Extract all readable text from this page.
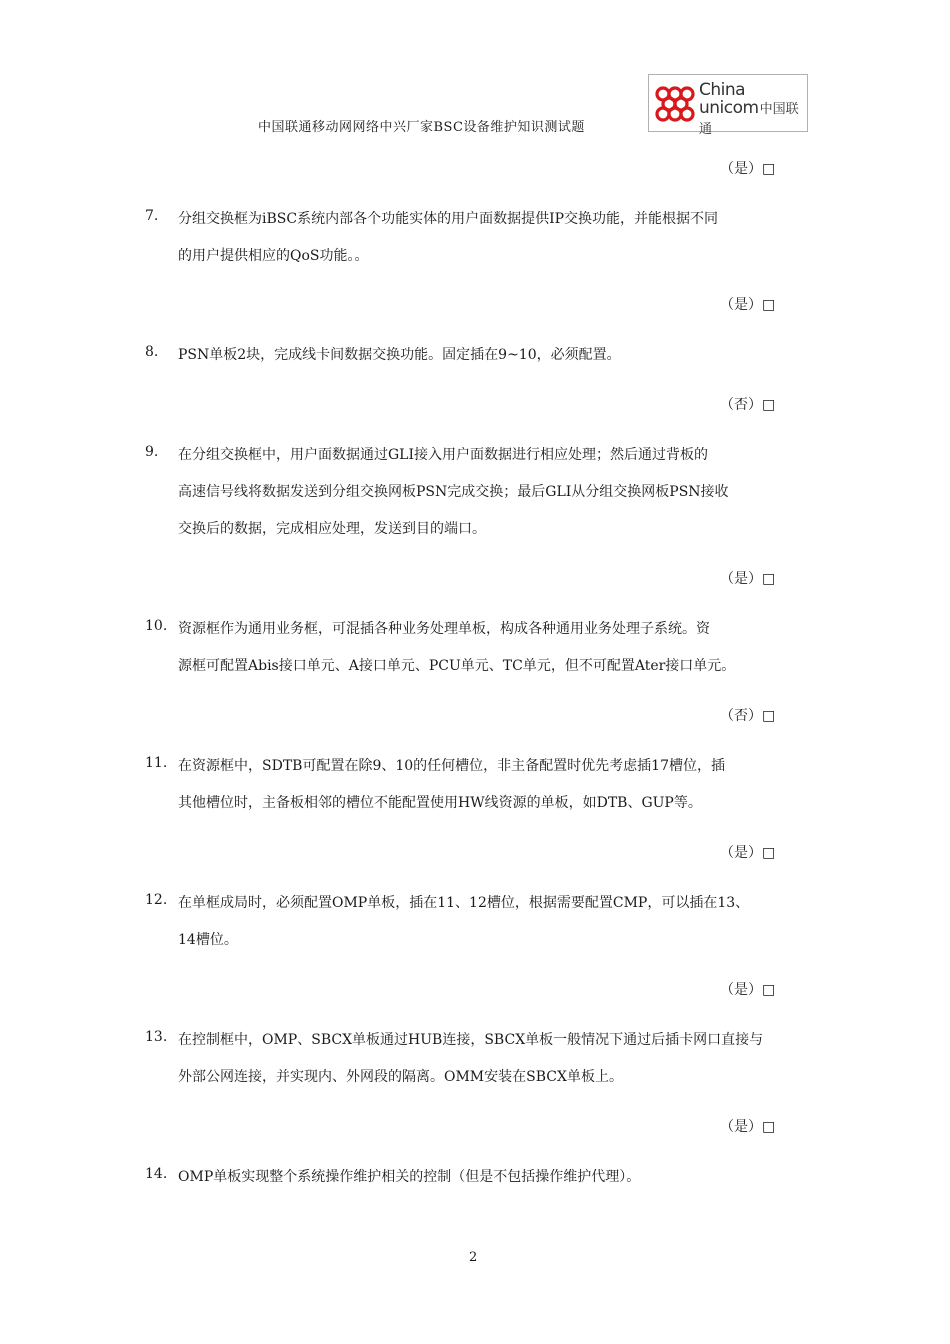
中国联通移动网网络中兴厂家BSC设备维护知识测试题
China
unicom中国联通
（是）□
7. 分组交换框为iBSC系统内部各个功能实体的用户面数据提供IP交换功能，并能根据不同
的用户提供相应的QoS功能。。
（是）□
8. PSN单板2块，完成线卡间数据交换功能。固定插在9~10，必须配置。
（否）□
9. 在分组交换框中，用户面数据通过GLI接入用户面数据进行相应处理；然后通过背板的
高速信号线将数据发送到分组交换网板PSN完成交换；最后GLI从分组交换网板PSN接收
交换后的数据，完成相应处理，发送到目的端口。
（是）□
10. 资源框作为通用业务框，可混插各种业务处理单板，构成各种通用业务处理子系统。资
源框可配置Abis接口单元、A接口单元、PCU单元、TC单元，但不可配置Ater接口单元。
（否）□
11. 在资源框中，SDTB可配置在除9、10的任何槽位，非主备配置时优先考虑插17槽位，插
其他槽位时，主备板相邻的槽位不能配置使用HW线资源的单板，如DTB、GUP等。
（是）□
12. 在单框成局时，必须配置OMP单板，插在11、12槽位，根据需要配置CMP，可以插在13、
14槽位。
（是）□
13. 在控制框中，OMP、SBCX单板通过HUB连接，SBCX单板一般情况下通过后插卡网口直接与
外部公网连接，并实现内、外网段的隔离。OMM安装在SBCX单板上。
（是）□
14. OMP单板实现整个系统操作维护相关的控制（但是不包括操作维护代理）。
2
